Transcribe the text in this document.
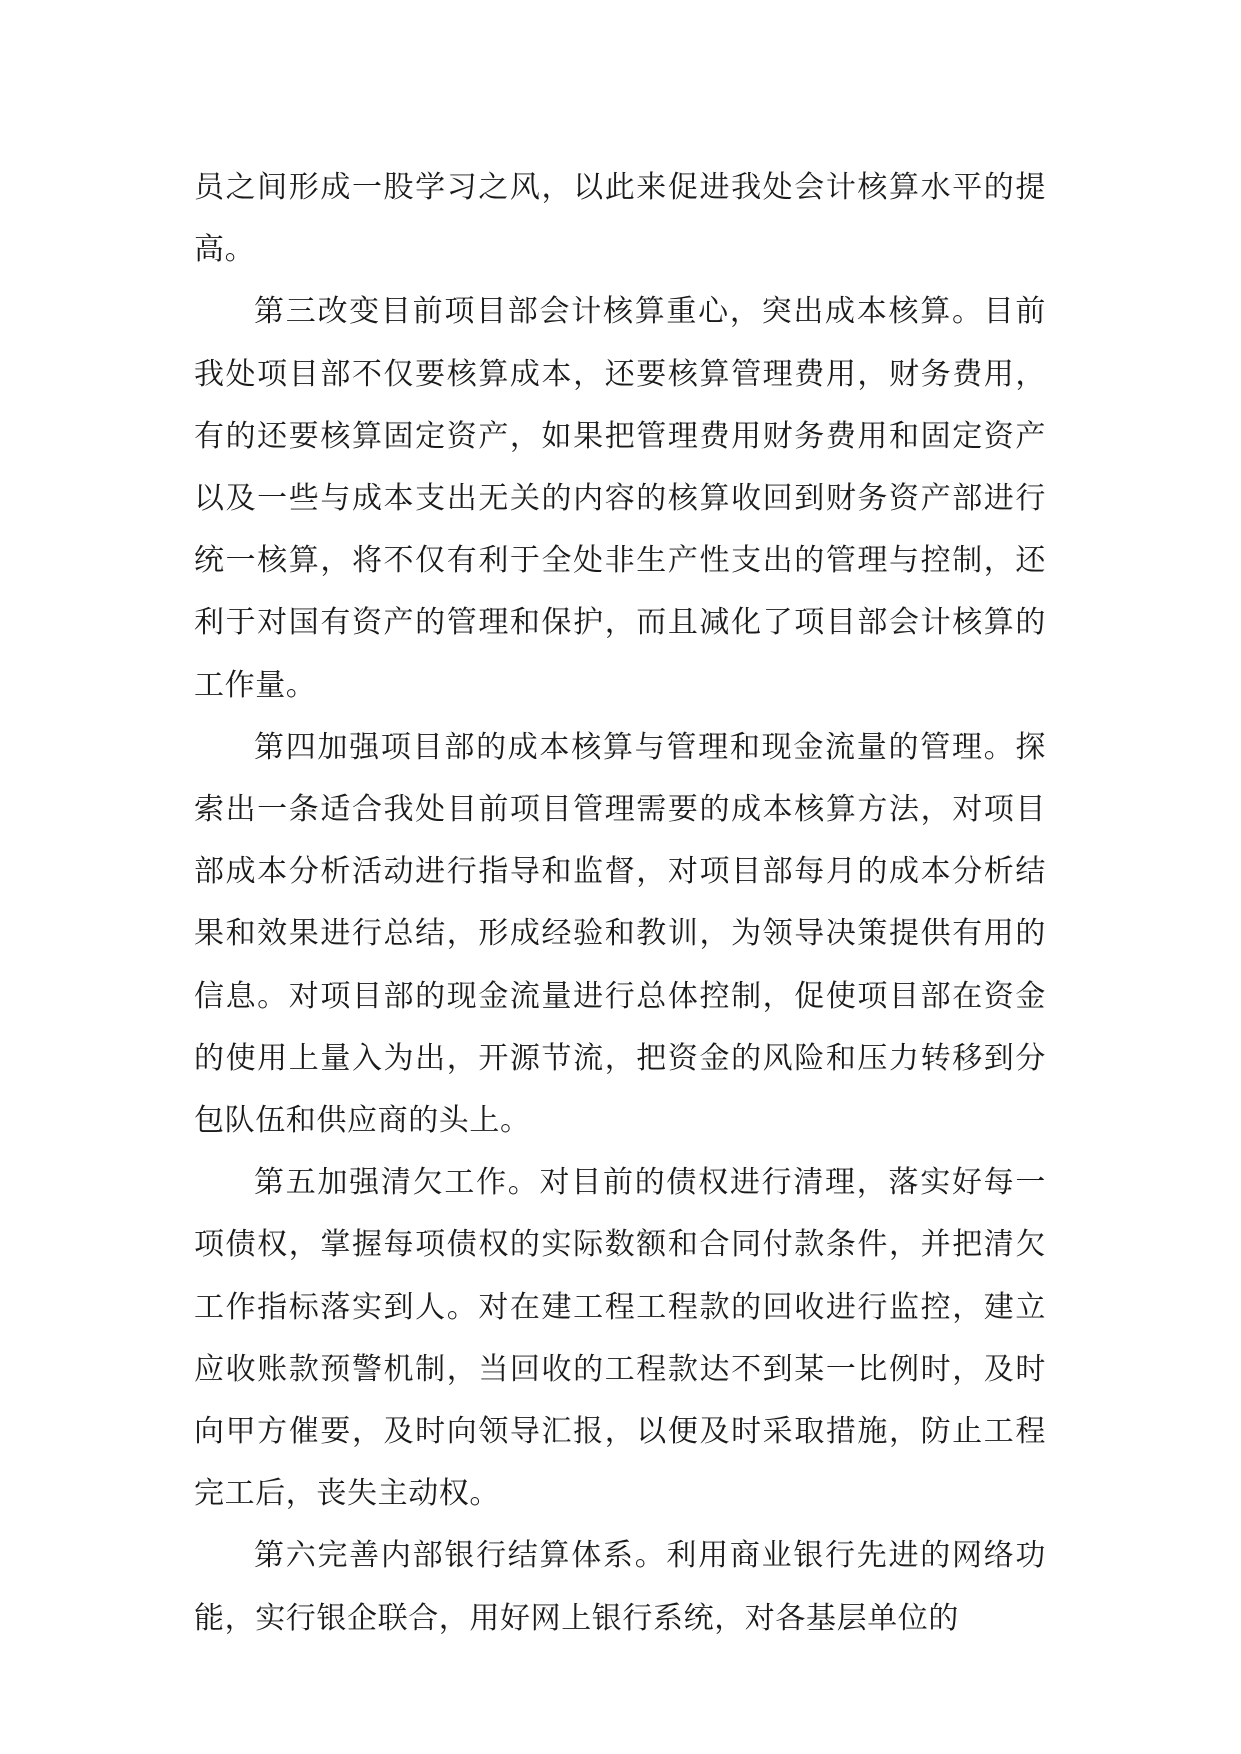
员之间形成一股学习之风，以此来促进我处会计核算水平的提高。

第三改变目前项目部会计核算重心，突出成本核算。目前我处项目部不仅要核算成本，还要核算管理费用，财务费用，有的还要核算固定资产，如果把管理费用财务费用和固定资产以及一些与成本支出无关的内容的核算收回到财务资产部进行统一核算，将不仅有利于全处非生产性支出的管理与控制，还利于对国有资产的管理和保护，而且减化了项目部会计核算的工作量。

第四加强项目部的成本核算与管理和现金流量的管理。探索出一条适合我处目前项目管理需要的成本核算方法，对项目部成本分析活动进行指导和监督，对项目部每月的成本分析结果和效果进行总结，形成经验和教训，为领导决策提供有用的信息。对项目部的现金流量进行总体控制，促使项目部在资金的使用上量入为出，开源节流，把资金的风险和压力转移到分包队伍和供应商的头上。

第五加强清欠工作。对目前的债权进行清理，落实好每一项债权，掌握每项债权的实际数额和合同付款条件，并把清欠工作指标落实到人。对在建工程工程款的回收进行监控，建立应收账款预警机制，当回收的工程款达不到某一比例时，及时向甲方催要，及时向领导汇报，以便及时采取措施，防止工程完工后，丧失主动权。

第六完善内部银行结算体系。利用商业银行先进的网络功能，实行银企联合，用好网上银行系统，对各基层单位的
